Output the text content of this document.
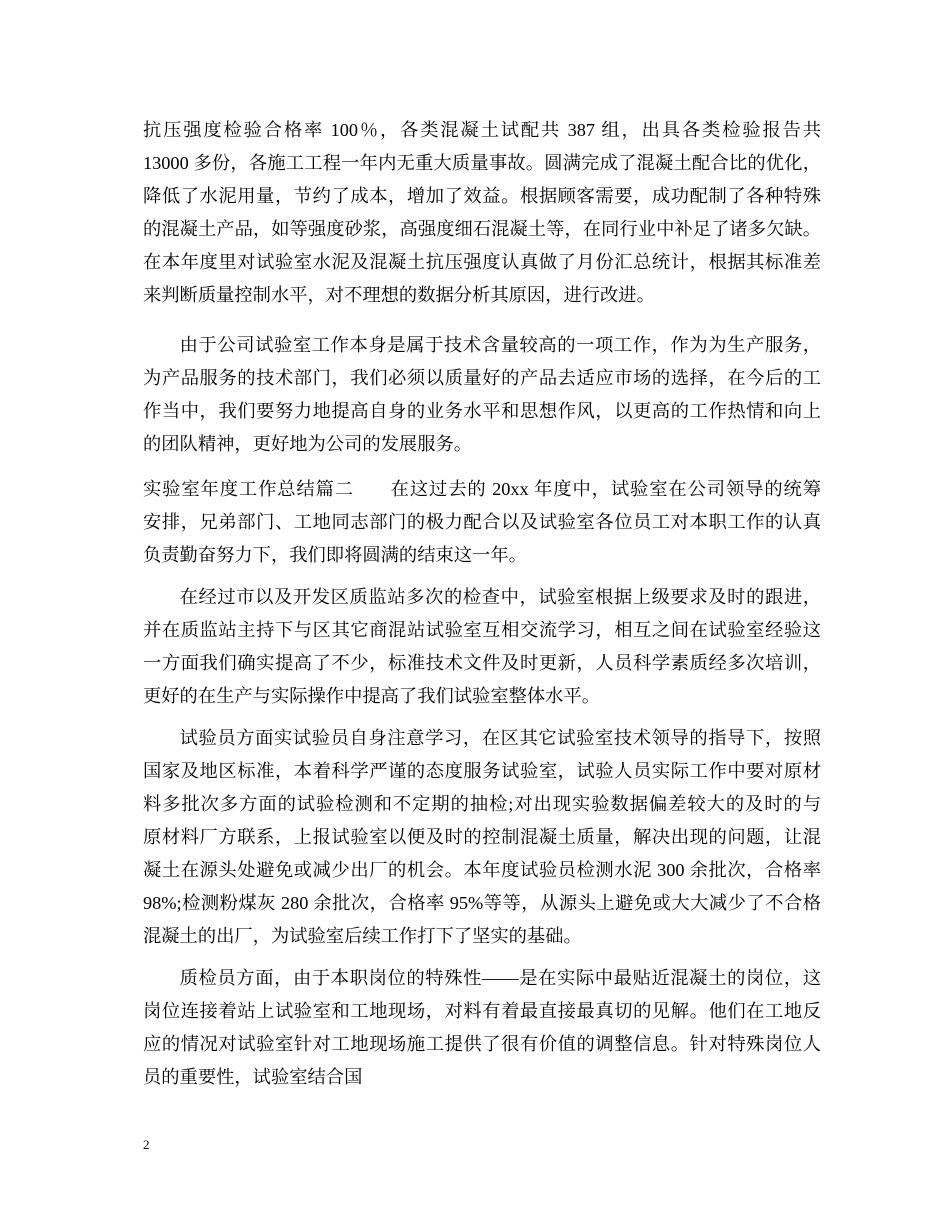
抗压强度检验合格率 100％，各类混凝土试配共 387 组，出具各类检验报告共
13000 多份，各施工工程一年内无重大质量事故。圆满完成了混凝土配合比的优化，
降低了水泥用量，节约了成本，增加了效益。根据顾客需要，成功配制了各种特殊
的混凝土产品，如等强度砂浆，高强度细石混凝土等，在同行业中补足了诸多欠缺。
在本年度里对试验室水泥及混凝土抗压强度认真做了月份汇总统计，根据其标准差
来判断质量控制水平，对不理想的数据分析其原因，进行改进。
由于公司试验室工作本身是属于技术含量较高的一项工作，作为为生产服务，
为产品服务的技术部门，我们必须以质量好的产品去适应市场的选择，在今后的工
作当中，我们要努力地提高自身的业务水平和思想作风，以更高的工作热情和向上
的团队精神，更好地为公司的发展服务。
实验室年度工作总结篇二 在这过去的 20xx 年度中，试验室在公司领导的统筹
安排，兄弟部门、工地同志部门的极力配合以及试验室各位员工对本职工作的认真
负责勤奋努力下，我们即将圆满的结束这一年。
在经过市以及开发区质监站多次的检查中，试验室根据上级要求及时的跟进，
并在质监站主持下与区其它商混站试验室互相交流学习，相互之间在试验室经验这
一方面我们确实提高了不少，标准技术文件及时更新，人员科学素质经多次培训，
更好的在生产与实际操作中提高了我们试验室整体水平。
试验员方面实试验员自身注意学习，在区其它试验室技术领导的指导下，按照
国家及地区标准，本着科学严谨的态度服务试验室，试验人员实际工作中要对原材
料多批次多方面的试验检测和不定期的抽检;对出现实验数据偏差较大的及时的与
原材料厂方联系，上报试验室以便及时的控制混凝土质量，解决出现的问题，让混
凝土在源头处避免或减少出厂的机会。本年度试验员检测水泥 300 余批次，合格率
98%;检测粉煤灰 280 余批次，合格率 95%等等，从源头上避免或大大减少了不合格
混凝土的出厂，为试验室后续工作打下了坚实的基础。
质检员方面，由于本职岗位的特殊性——是在实际中最贴近混凝土的岗位，这
岗位连接着站上试验室和工地现场，对料有着最直接最真切的见解。他们在工地反
应的情况对试验室针对工地现场施工提供了很有价值的调整信息。针对特殊岗位人
员的重要性，试验室结合国
2
